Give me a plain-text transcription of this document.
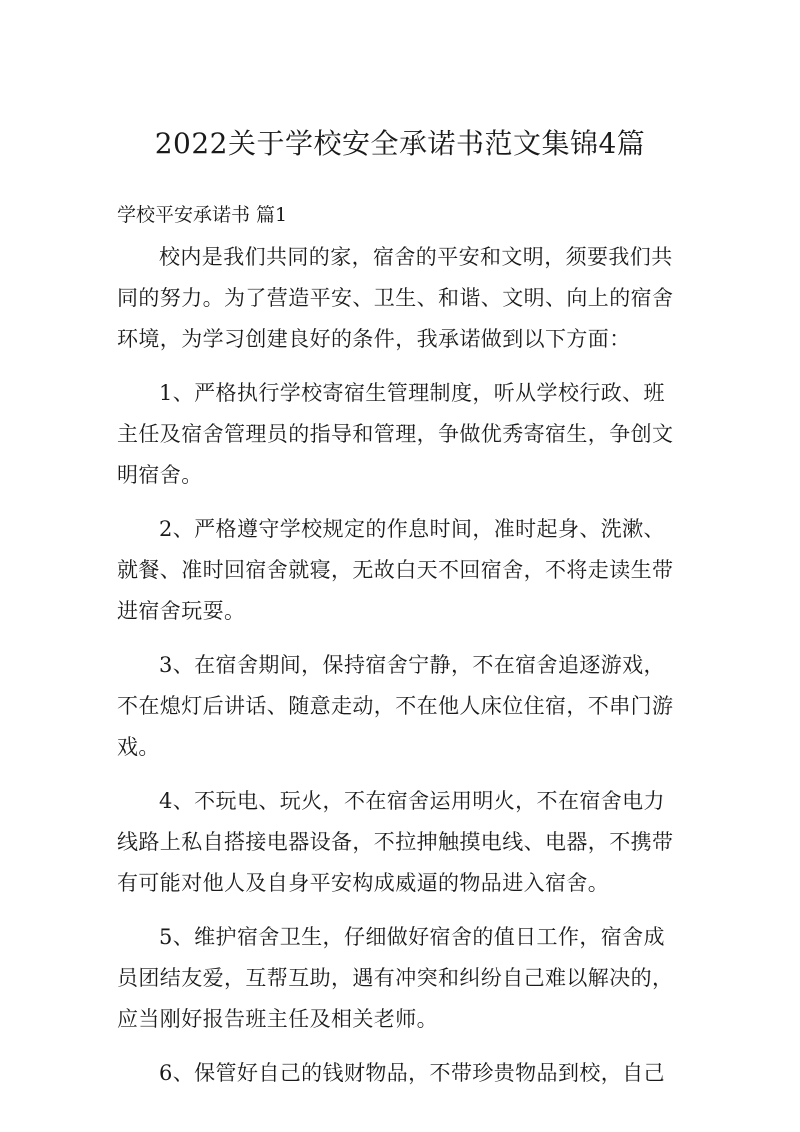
2022关于学校安全承诺书范文集锦4篇
学校平安承诺书 篇1
校内是我们共同的家，宿舍的平安和文明，须要我们共
同的努力。为了营造平安、卫生、和谐、文明、向上的宿舍
环境，为学习创建良好的条件，我承诺做到以下方面：
1、严格执行学校寄宿生管理制度，听从学校行政、班
主任及宿舍管理员的指导和管理，争做优秀寄宿生，争创文
明宿舍。
2、严格遵守学校规定的作息时间，准时起身、洗漱、
就餐、准时回宿舍就寝，无故白天不回宿舍，不将走读生带
进宿舍玩耍。
3、在宿舍期间，保持宿舍宁静，不在宿舍追逐游戏，
不在熄灯后讲话、随意走动，不在他人床位住宿，不串门游
戏。
4、不玩电、玩火，不在宿舍运用明火，不在宿舍电力
线路上私自搭接电器设备，不拉抻触摸电线、电器，不携带
有可能对他人及自身平安构成威逼的物品进入宿舍。
5、维护宿舍卫生，仔细做好宿舍的值日工作，宿舍成
员团结友爱，互帮互助，遇有冲突和纠纷自己难以解决的，
应当刚好报告班主任及相关老师。
6、保管好自己的钱财物品，不带珍贵物品到校，自己
